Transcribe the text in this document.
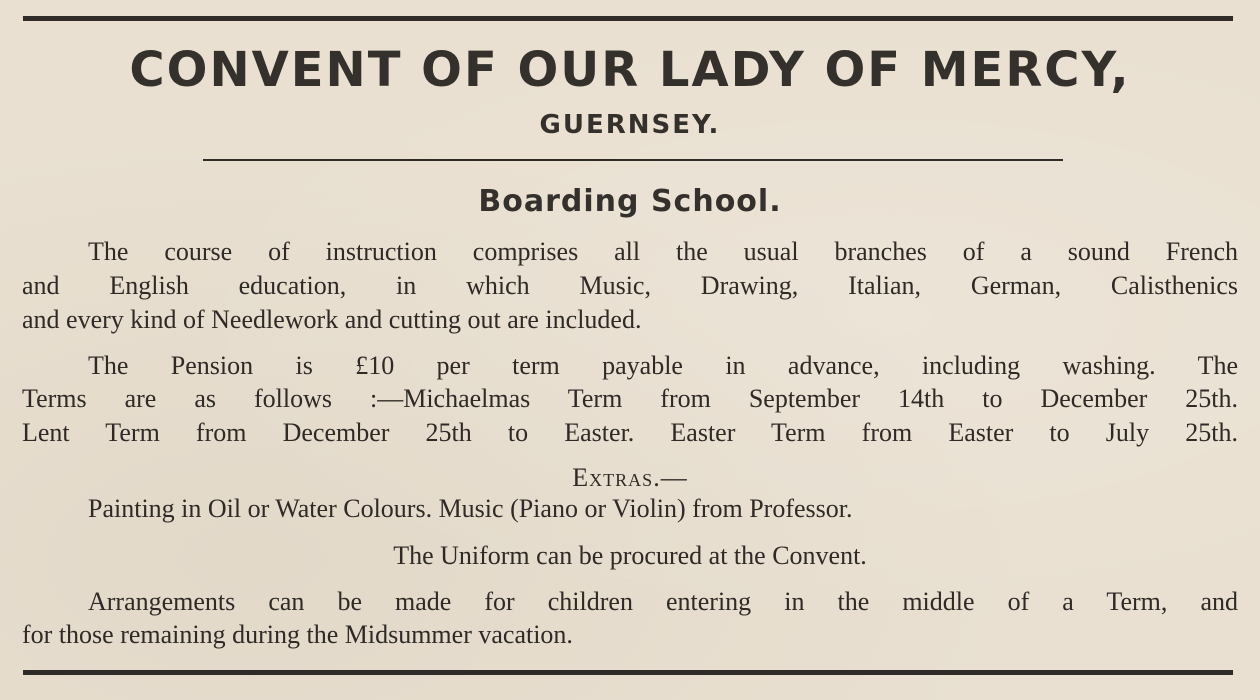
CONVENT OF OUR LADY OF MERCY,
GUERNSEY.
Boarding School.
The course of instruction comprises all the usual branches of a sound French
and English education, in which Music, Drawing, Italian, German, Calisthenics
and every kind of Needlework and cutting out are included.
The Pension is £10 per term payable in advance, including washing. The
Terms are as follows :—Michaelmas Term from September 14th to December 25th.
Lent Term from December 25th to Easter. Easter Term from Easter to July 25th.
Extras.—
Painting in Oil or Water Colours. Music (Piano or Violin) from Professor.
The Uniform can be procured at the Convent.
Arrangements can be made for children entering in the middle of a Term, and
for those remaining during the Midsummer vacation.
